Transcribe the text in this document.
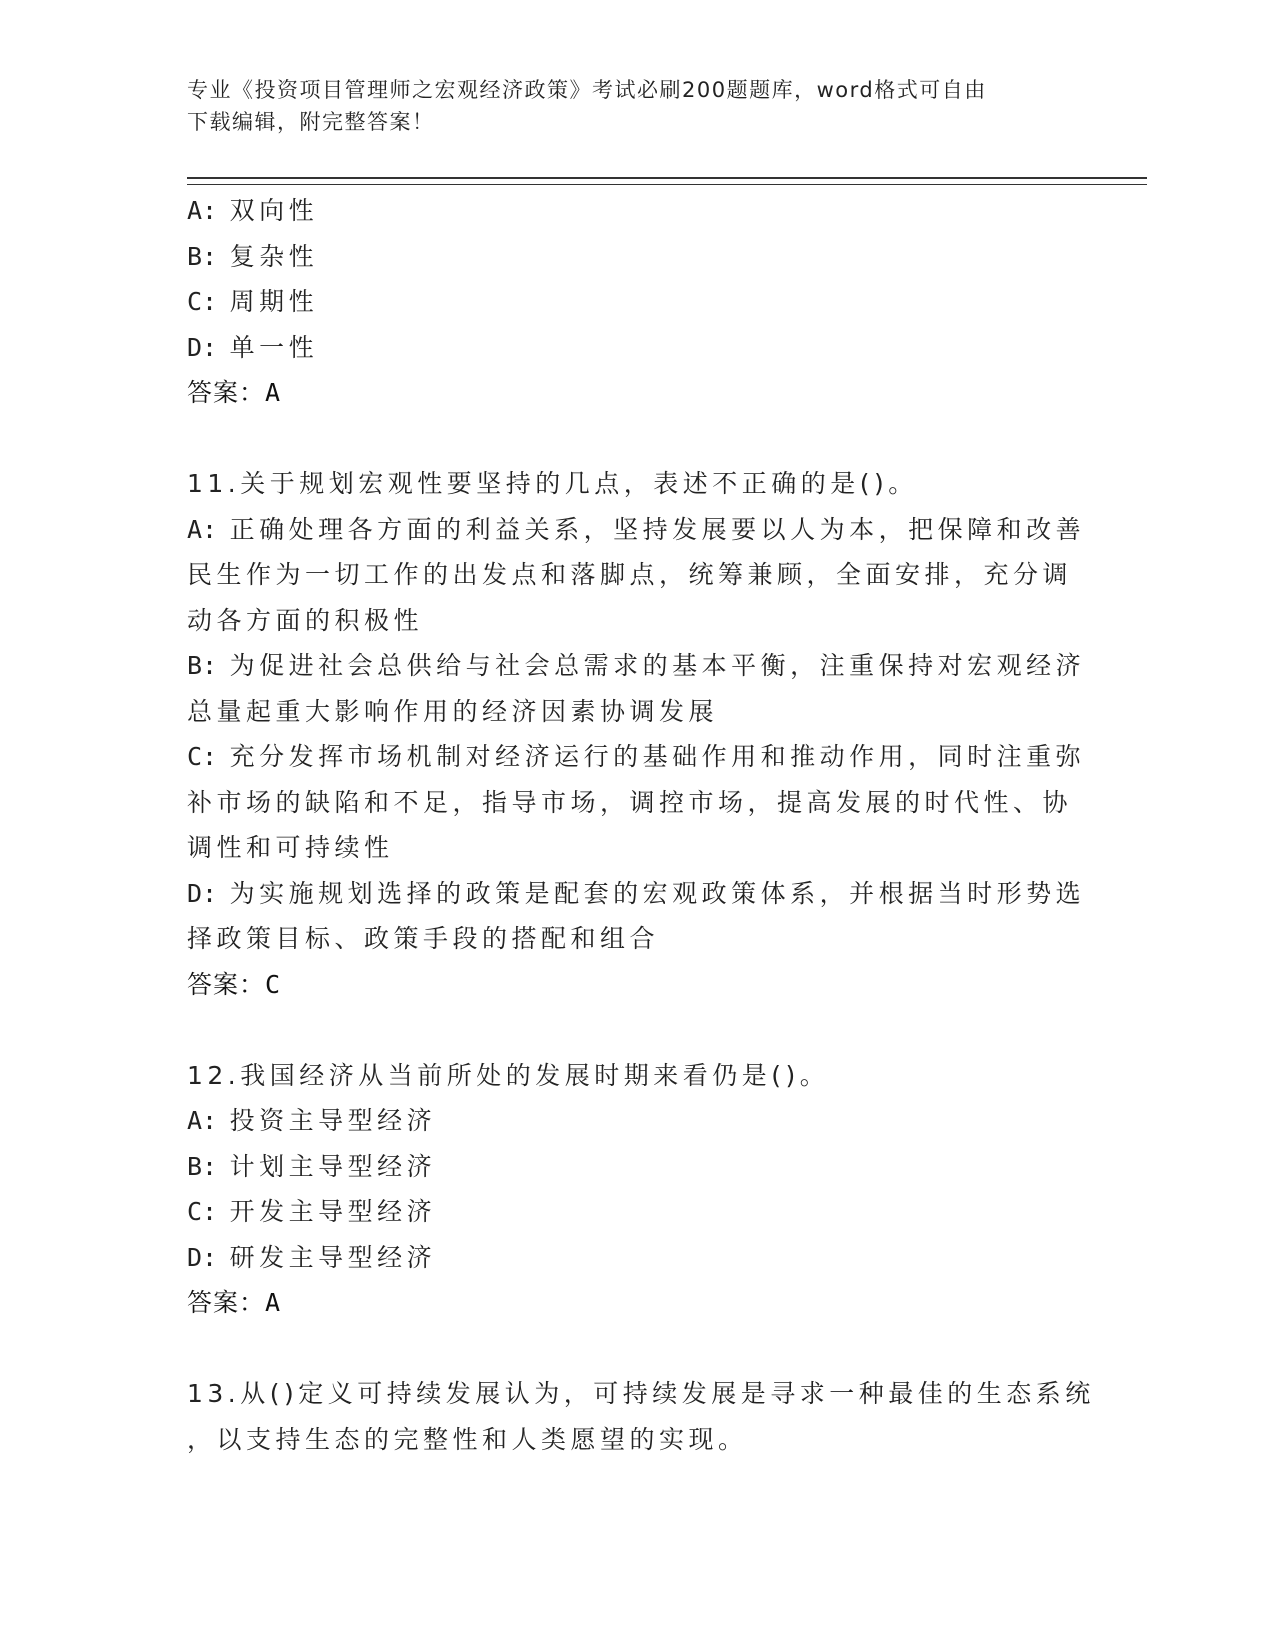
专业《投资项目管理师之宏观经济政策》考试必刷200题题库，word格式可自由
下载编辑，附完整答案！
A: 双向性
B: 复杂性
C: 周期性
D: 单一性
答案：A
11.关于规划宏观性要坚持的几点，表述不正确的是()。
A: 正确处理各方面的利益关系，坚持发展要以人为本，把保障和改善
民生作为一切工作的出发点和落脚点，统筹兼顾，全面安排，充分调
动各方面的积极性
B: 为促进社会总供给与社会总需求的基本平衡，注重保持对宏观经济
总量起重大影响作用的经济因素协调发展
C: 充分发挥市场机制对经济运行的基础作用和推动作用，同时注重弥
补市场的缺陷和不足，指导市场，调控市场，提高发展的时代性、协
调性和可持续性
D: 为实施规划选择的政策是配套的宏观政策体系，并根据当时形势选
择政策目标、政策手段的搭配和组合
答案：C
12.我国经济从当前所处的发展时期来看仍是()。
A: 投资主导型经济
B: 计划主导型经济
C: 开发主导型经济
D: 研发主导型经济
答案：A
13.从()定义可持续发展认为，可持续发展是寻求一种最佳的生态系统
，以支持生态的完整性和人类愿望的实现。
